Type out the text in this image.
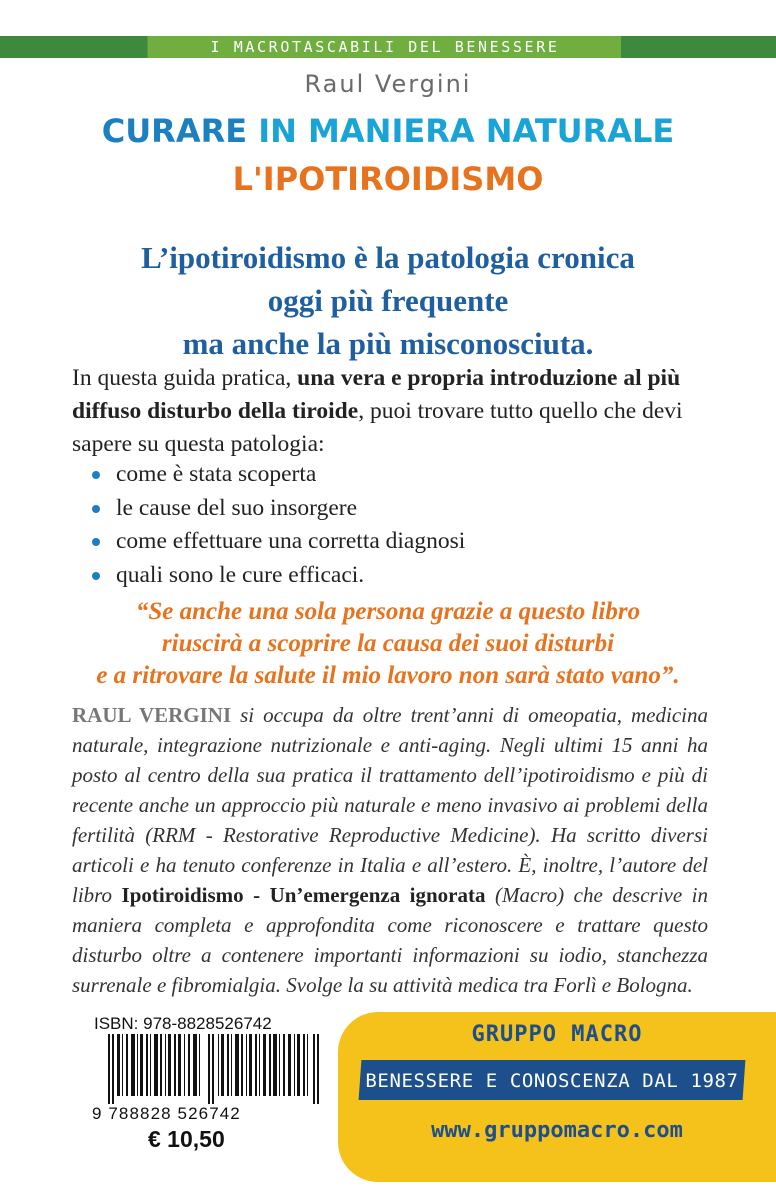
I MACROTASCABILI DEL BENESSERE
Raul Vergini
CURARE IN MANIERA NATURALE
L'IPOTIROIDISMO
L’ipotiroidismo è la patologia cronica
oggi più frequente
ma anche la più misconosciuta.
In questa guida pratica, una vera e propria introduzione al più diffuso disturbo della tiroide, puoi trovare tutto quello che devi sapere su questa patologia:
come è stata scoperta
le cause del suo insorgere
come effettuare una corretta diagnosi
quali sono le cure efficaci.
“Se anche una sola persona grazie a questo libro
riuscirà a scoprire la causa dei suoi disturbi
e a ritrovare la salute il mio lavoro non sarà stato vano”.
RAUL VERGINI si occupa da oltre trent’anni di omeopatia, medicina naturale, integrazione nutrizionale e anti-aging. Negli ultimi 15 anni ha posto al centro della sua pratica il trattamento dell’ipotiroidismo e più di recente anche un approccio più naturale e meno invasivo ai problemi della fertilità (RRM - Restorative Reproductive Medicine). Ha scritto diversi articoli e ha tenuto conferenze in Italia e all’estero. È, inoltre, l’autore del libro Ipotiroidismo - Un’emergenza ignorata (Macro) che descrive in maniera completa e approfondita come riconoscere e trattare questo disturbo oltre a contenere importanti informazioni su iodio, stanchezza surrenale e fibromialgia. Svolge la su attività medica tra Forlì e Bologna.
ISBN: 978-8828526742
9 788828 526742
€ 10,50
GRUPPO MACRO
BENESSERE E CONOSCENZA DAL 1987
www.gruppomacro.com
